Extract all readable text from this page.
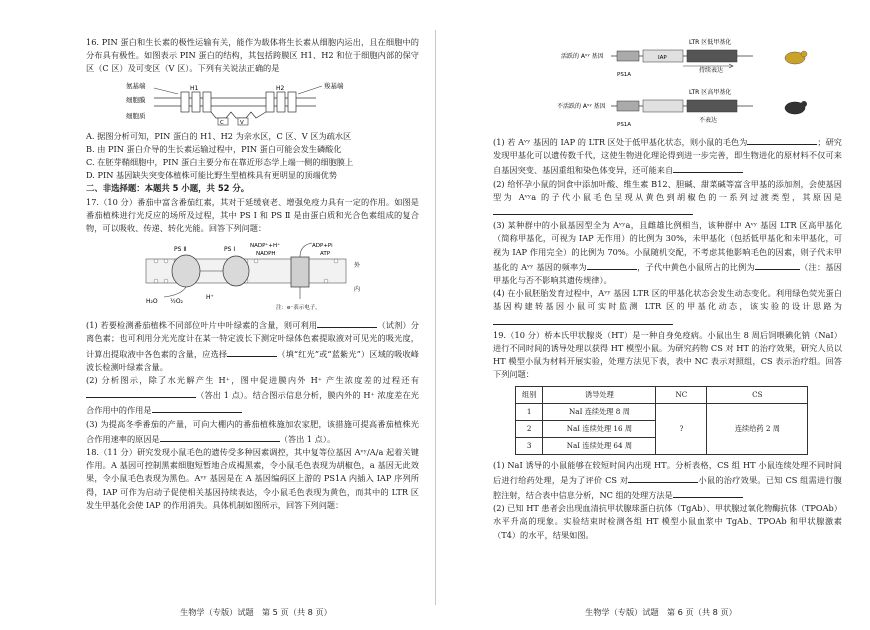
16. PIN 蛋白和生长素的极性运输有关，能作为载体将生长素从细胞内运出，且在细胞中的分布具有极性。如图表示 PIN 蛋白的结构，其包括跨膜区 H1、H2 和位于细胞内部的保守区（C 区）及可变区（V 区）。下列有关说法正确的是

氨基端
细胞膜
细胞质
羧基端
H1	H2
C	V

A. 据图分析可知，PIN 蛋白的 H1、H2 为亲水区，C 区、V 区为疏水区

B. 由 PIN 蛋白介导的生长素运输过程中，PIN 蛋白可能会发生磷酸化

C. 在胚芽鞘细胞中，PIN 蛋白主要分布在靠近形态学上端一侧的细胞膜上

D. PIN 基因缺失突变体植株可能比野生型植株具有更明显的顶端优势

二、非选择题：本题共 5 小题，共 52 分。

17.（10 分）番茄中富含番茄红素，其对于延缓衰老、增强免疫力具有一定的作用。如图是番茄植株进行光反应的场所及过程，其中 PS Ⅰ 和 PS Ⅱ 是由蛋白质和光合色素组成的复合物，可以吸收、传递、转化光能。回答下列问题：

PS Ⅱ	PS Ⅰ	NADP⁺+H⁺
NADPH
ADP+Pi
ATP
H₂O ½O₂
H⁺
外
内
注：e⁻表示电子。

(1) 若要检测番茄植株不同部位叶片中叶绿素的含量，则可利用	（试剂）分离色素；也可利用分光光度计在某一特定波长下测定叶绿体色素提取液对可见光的吸光度，计算出提取液中各色素的含量，应选择	（填“红光”或“蓝紫光”）区域的吸收峰波长检测叶绿素含量。

(2) 分析图示，除了水光解产生 H⁺，图中促进膜内外 H⁺ 产生浓度差的过程还有（答出 1 点）。结合图示信息分析，膜内外的 H⁺ 浓度差在光合作用中的作用是

(3) 为提高冬季番茄的产量，可向大棚内的番茄植株施加农家肥，该措施可提高番茄植株光合作用速率的原因是	（答出 1 点）。

18.（11 分）研究发现小鼠毛色的遗传受多种因素调控，其中复等位基因 Aᵛʸ/A/a 起着关键作用。A 基因可控制黑素细胞短暂地合成褐黑素，令小鼠毛色表现为胡椒色，a 基因无此效果，令小鼠毛色表现为黑色。Aᵛʸ 基因是在 A 基因编码区上游的 PS1A 内插入 IAP 序列所得，IAP 可作为启动子促使相关基因持续表达，令小鼠毛色表现为黄色，而其中的 LTR 区发生甲基化会使 IAP 的作用消失。具体机制如图所示，回答下列问题：

生物学（专版）试题　第 5 页（共 8 页）
活跃的 Aᵛʸ 基因	IAP
LTR 区低甲基化
持续表达
PS1A
不活跃的 Aᵛʸ 基因
LTR 区高甲基化
不表达
PS1A

(1) 若 Aᵛʸ 基因的 IAP 的 LTR 区处于低甲基化状态，则小鼠的毛色为	；研究发现甲基化可以遗传数千代，这使生物进化理论得到进一步完善，即生物进化的原材料不仅可来自基因突变、基因重组和染色体变异，还可能来自

(2) 给怀孕小鼠的饲食中添加叶酸、维生素 B12、胆碱、甜菜碱等富含甲基的添加剂，会使基因型为 Aᵛʸa 的子代小鼠毛色呈现从黄色到胡椒色的一系列过渡类型，其原因是

(3) 某种群中的小鼠基因型全为 Aᵛʸa，且雌雄比例相当，该种群中 Aᵛʸ 基因 LTR 区高甲基化（简称甲基化，可视为 IAP 无作用）的比例为 30%，未甲基化（包括低甲基化和未甲基化，可视为 IAP 作用完全）的比例为 70%。小鼠随机交配，不考虑其他影响毛色的因素，则子代未甲基化的 Aᵛʸ 基因的频率为	，子代中黄色小鼠所占的比例为	（注：基因甲基化与否不影响其遗传规律）。

(4) 在小鼠胚胎发育过程中，Aᵛʸ 基因 LTR 区的甲基化状态会发生动态变化。利用绿色荧光蛋白基因构建转基因小鼠可实时监测 LTR 区的甲基化动态，该实验的设计思路为

19.（10 分）桥本氏甲状腺炎（HT）是一种自身免疫病。小鼠出生 8 周后饲喂碘化钠（NaI）进行不同时间的诱导处理以获得 HT 模型小鼠。为研究药物 CS 对 HT 的治疗效果，研究人员以 HT 模型小鼠为材料开展实验，处理方法见下表，表中 NC 表示对照组，CS 表示治疗组。回答下列问题：

组别	诱导处理	NC	CS
1	NaI 连续处理 8 周	?	连续给药 2 周
2	NaI 连续处理 16 周		
3	NaI 连续处理 64 周		

(1) NaI 诱导的小鼠能够在较短时间内出现 HT。分析表格，CS 组 HT 小鼠连续处理不同时间后进行给药处理，是为了评价 CS 对	小鼠的治疗效果。已知 CS 组需进行腹腔注射，结合表中信息分析，NC 组的处理方法是

(2) 已知 HT 患者会出现血清抗甲状腺球蛋白抗体（TgAb）、甲状腺过氧化物酶抗体（TPOAb）水平升高的现象。实验结束时检测各组 HT 模型小鼠血浆中 TgAb、TPOAb 和甲状腺激素（T4）的水平，结果如图。

生物学（专版）试题　第 6 页（共 8 页）
